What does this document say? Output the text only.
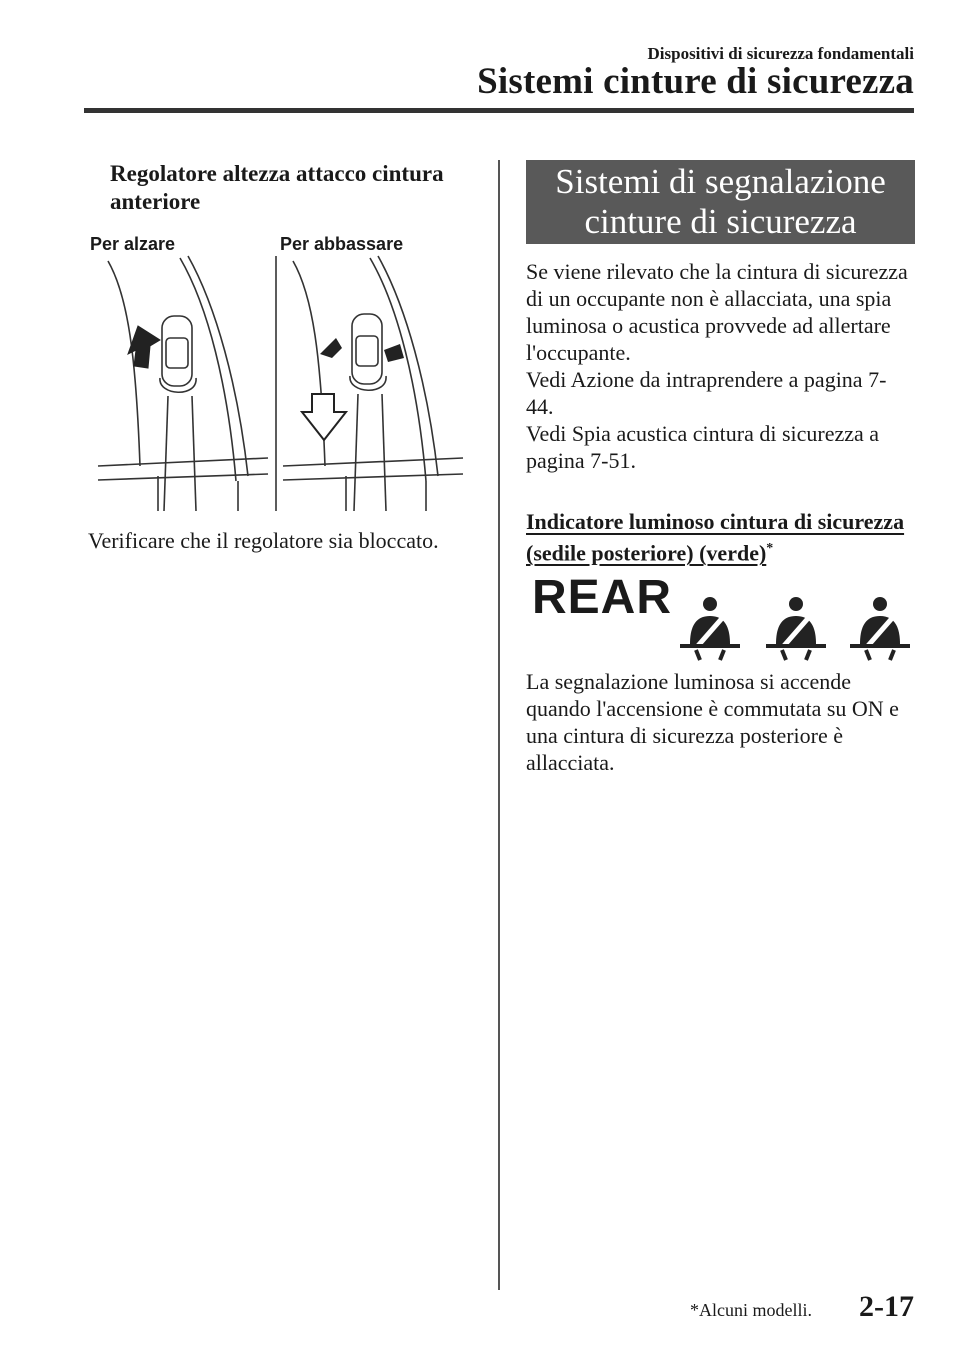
Dispositivi di sicurezza fondamentali
Sistemi cinture di sicurezza
Regolatore altezza attacco cintura anteriore
Per alzare	Per abbassare
Verificare che il regolatore sia bloccato.
Sistemi di segnalazione
cinture di sicurezza

Se viene rilevato che la cintura di sicurezza di un occupante non è allacciata, una spia luminosa o acustica provvede ad allertare l'occupante.

Vedi Azione da intraprendere a pagina 7-44.

Vedi Spia acustica cintura di sicurezza a pagina 7-51.

Indicatore luminoso cintura di sicurezza
(sedile posteriore) (verde)*
REAR

La segnalazione luminosa si accende quando l'accensione è commutata su ON e una cintura di sicurezza posteriore è allacciata.

*Alcuni modelli. 2-17
